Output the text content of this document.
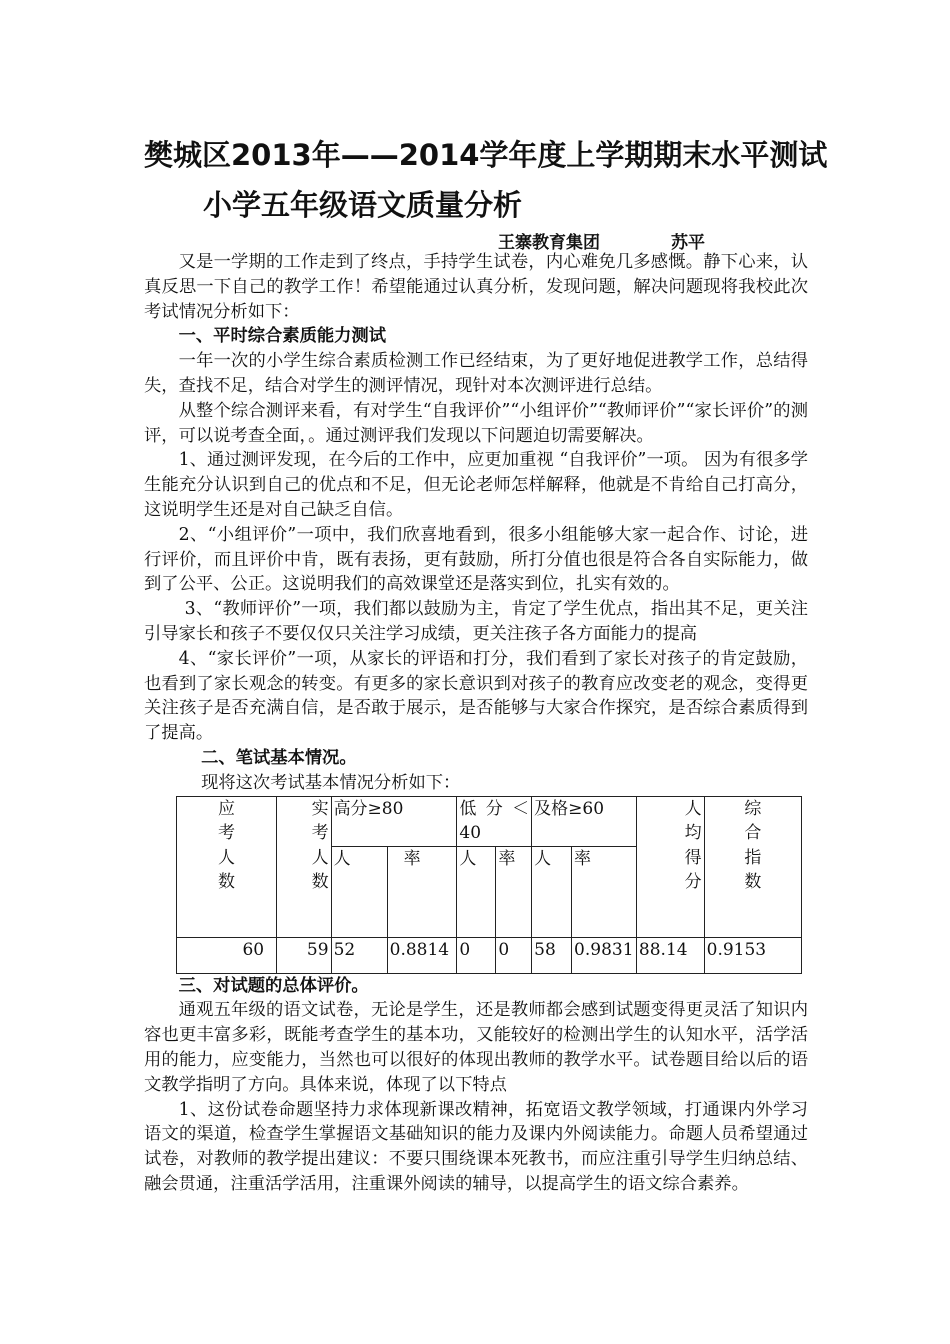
樊城区2013年——2014学年度上学期期末水平测试
小学五年级语文质量分析
王寨教育集团            苏平

又是一学期的工作走到了终点，手持学生试卷，内心难免几多感慨。静下心来，认真反思一下自己的教学工作！希望能通过认真分析，发现问题，解决问题现将我校此次考试情况分析如下：

一、平时综合素质能力测试

一年一次的小学生综合素质检测工作已经结束，为了更好地促进教学工作，总结得失，查找不足，结合对学生的测评情况，现针对本次测评进行总结。

从整个综合测评来看，有对学生“自我评价”“小组评价”“教师评价”“家长评价”的测评，可以说考查全面，。通过测评我们发现以下问题迫切需要解决。

1、通过测评发现，在今后的工作中，应更加重视 “自我评价”一项。 因为有很多学生能充分认识到自己的优点和不足，但无论老师怎样解释，他就是不肯给自己打高分，这说明学生还是对自己缺乏自信。

2、“小组评价”一项中，我们欣喜地看到，很多小组能够大家一起合作、讨论，进行评价，而且评价中肯，既有表扬，更有鼓励，所打分值也很是符合各自实际能力，做到了公平、公正。这说明我们的高效课堂还是落实到位，扎实有效的。

3、“教师评价”一项，我们都以鼓励为主，肯定了学生优点，指出其不足，更关注引导家长和孩子不要仅仅只关注学习成绩，更关注孩子各方面能力的提高

4、“家长评价”一项，从家长的评语和打分，我们看到了家长对孩子的肯定鼓励，也看到了家长观念的转变。有更多的家长意识到对孩子的教育应改变老的观念，变得更关注孩子是否充满自信，是否敢于展示，是否能够与大家合作探究，是否综合素质得到了提高。

二、笔试基本情况。

现将这次考试基本情况分析如下：

应
考
人
数	实
考
人
数	高分≥80		低分＜40		及格≥60		人
均
得
分	综
合
指
数

		人	率	人	率	人	率		
60	59	52	0.8814	0	0	58	0.9831	88.14	0.9153

三、对试题的总体评价。

通观五年级的语文试卷，无论是学生，还是教师都会感到试题变得更灵活了知识内容也更丰富多彩，既能考查学生的基本功，又能较好的检测出学生的认知水平，活学活用的能力，应变能力，当然也可以很好的体现出教师的教学水平。试卷题目给以后的语文教学指明了方向。具体来说，体现了以下特点

1、这份试卷命题坚持力求体现新课改精神，拓宽语文教学领域，打通课内外学习语文的渠道，检查学生掌握语文基础知识的能力及课内外阅读能力。命题人员希望通过试卷，对教师的教学提出建议：不要只围绕课本死教书，而应注重引导学生归纳总结、融会贯通，注重活学活用，注重课外阅读的辅导，以提高学生的语文综合素养。
